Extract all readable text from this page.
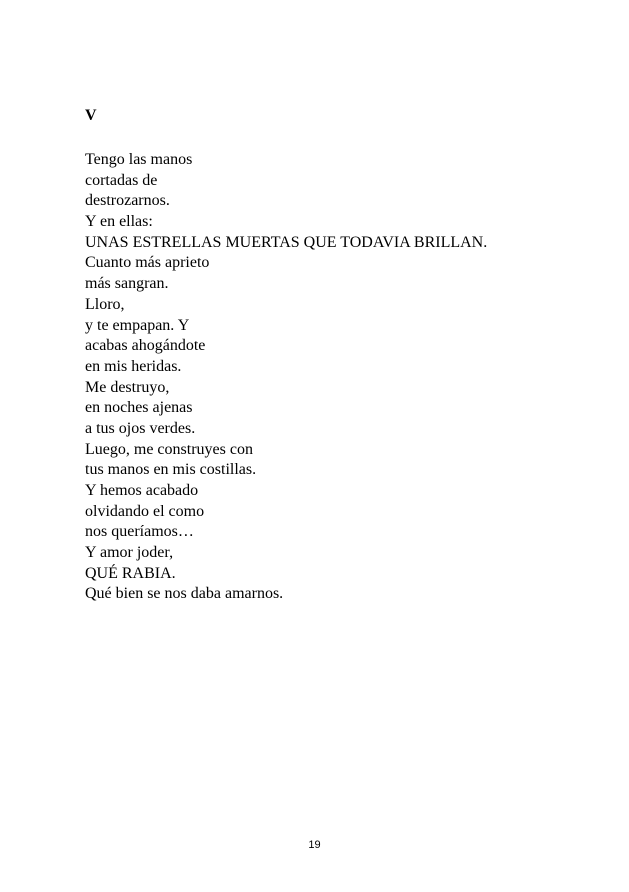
V
Tengo las manos
cortadas de
destrozarnos.
Y en ellas:
UNAS ESTRELLAS MUERTAS QUE TODAVIA BRILLAN.
Cuanto más aprieto
más sangran.
Lloro,
y te empapan. Y
acabas ahogándote
en mis heridas.
Me destruyo,
en noches ajenas
a tus ojos verdes.
Luego, me construyes con
tus manos en mis costillas.
Y hemos acabado
olvidando el como
nos queríamos…
Y amor joder,
QUÉ RABIA.
Qué bien se nos daba amarnos.
19
